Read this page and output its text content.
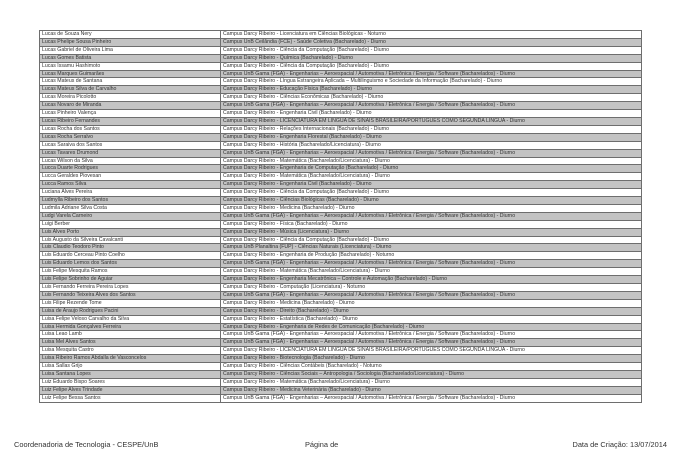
Lucas de Souza Nery	Campus Darcy Ribeiro - Licenciatura em Ciências Biológicas - Noturno
Lucas Phelipe Sousa Pinheiro	Campus UnB Ceilândia (FCE) - Saúde Coletiva (Bacharelado) - Diurno
Lucas Gabriel de Oliveira Lima	Campus Darcy Ribeiro - Ciência da Computação (Bacharelado) - Diurno
Lucas Gomes Batista	Campus Darcy Ribeiro - Química (Bacharelado) - Diurno
Lucas Issamu Hashimoto	Campus Darcy Ribeiro - Ciência da Computação (Bacharelado) - Diurno
Lucas Marques Guimarães	Campus UnB Gama (FGA) - Engenharias – Aeroespacial / Automotiva / Eletrônica / Energia / Software (Bacharelados) - Diurno
Lucas Mateus de Santana	Campus Darcy Ribeiro - Língua Estrangeira Aplicada – Multilinguismo e Sociedade da Informação (Bacharelado) - Diurno
Lucas Mateus Silva de Carvalho	Campus Darcy Ribeiro - Educação Física (Bacharelado) - Diurno
Lucas Moreira Picolotto	Campus Darcy Ribeiro - Ciências Econômicas (Bacharelado) - Diurno
Lucas Novaro de Miranda	Campus UnB Gama (FGA) - Engenharias – Aeroespacial / Automotiva / Eletrônica / Energia / Software (Bacharelados) - Diurno
Lucas Pinheiro Valença	Campus Darcy Ribeiro - Engenharia Civil (Bacharelado) - Diurno
Lucas Ribeiro Fernandes	Campus Darcy Ribeiro - LICENCIATURA EM LÍNGUA DE SINAIS BRASILEIRA/PORTUGUÊS COMO SEGUNDA LÍNGUA - Diurno
Lucas Rocha dos Santos	Campus Darcy Ribeiro - Relações Internacionais (Bacharelado) - Diurno
Lucas Rocha Serralvo	Campus Darcy Ribeiro - Engenharia Florestal (Bacharelado) - Diurno
Lucas Saraiva dos Santos	Campus Darcy Ribeiro - História (Bacharelado/Licenciatura) - Diurno
Lucas Tavares Drumond	Campus UnB Gama (FGA) - Engenharias – Aeroespacial / Automotiva / Eletrônica / Energia / Software (Bacharelados) - Diurno
Lucas Wilson da Silva	Campus Darcy Ribeiro - Matemática (Bacharelado/Licenciatura) - Diurno
Lucca Duarte Rodrigues	Campus Darcy Ribeiro - Engenharia de Computação (Bacharelado) - Diurno
Lucca Geraldes Piovesan	Campus Darcy Ribeiro - Matemática (Bacharelado/Licenciatura) - Diurno
Lucca Ramos Silva	Campus Darcy Ribeiro - Engenharia Civil (Bacharelado) - Diurno
Luciana Alves Pereira	Campus Darcy Ribeiro - Ciência da Computação (Bacharelado) - Diurno
Ludmylla Ribeiro dos Santos	Campus Darcy Ribeiro - Ciências Biológicas (Bacharelado) - Diurno
Ludmila Adriane Silva Costa	Campus Darcy Ribeiro - Medicina (Bacharelado) - Diurno
Ludgi Varela Carneiro	Campus UnB Gama (FGA) - Engenharias – Aeroespacial / Automotiva / Eletrônica / Energia / Software (Bacharelados) - Diurno
Luigi Berber	Campus Darcy Ribeiro - Física (Bacharelado) - Diurno
Luis Alves Porto	Campus Darcy Ribeiro - Música (Licenciatura) - Diurno
Luis Augusto da Silveira Cavalcanti	Campus Darcy Ribeiro - Ciência da Computação (Bacharelado) - Diurno
Luis Claudio Teodoro Pinto	Campus UnB Planaltina (FUP) - Ciências Naturais (Licenciatura) - Diurno
Luis Eduardo Cerceau Pinto Coelho	Campus Darcy Ribeiro - Engenharia de Produção (Bacharelado) - Noturno
Luis Eduardo Lemos dos Santos	Campus UnB Gama (FGA) - Engenharias – Aeroespacial / Automotiva / Eletrônica / Energia / Software (Bacharelados) - Diurno
Luis Felipe Mesquita Ramos	Campus Darcy Ribeiro - Matemática (Bacharelado/Licenciatura) - Diurno
Luis Felipe Sobrinho de Aguiar	Campus Darcy Ribeiro - Engenharia Mecatrônica – Controle e Automação (Bacharelado) - Diurno
Luis Fernando Ferreira Pereira Lopes	Campus Darcy Ribeiro - Computação (Licenciatura) - Noturno
Luis Fernando Teixeira Alves dos Santos	Campus UnB Gama (FGA) - Engenharias – Aeroespacial / Automotiva / Eletrônica / Energia / Software (Bacharelados) - Diurno
Luis Filipe Rezende Tome	Campus Darcy Ribeiro - Medicina (Bacharelado) - Diurno
Luisa de Araujo Rodrigues Pacini	Campus Darcy Ribeiro - Direito (Bacharelado) - Diurno
Luisa Felipe Veloso Carvalho da Silva	Campus Darcy Ribeiro - Estatística (Bacharelado) - Diurno
Luisa Hermida Gonçalves Ferreira	Campus Darcy Ribeiro - Engenharia de Redes de Comunicação (Bacharelado) - Diurno
Luisa Leao Lamb	Campus UnB Gama (FGA) - Engenharias – Aeroespacial / Automotiva / Eletrônica / Energia / Software (Bacharelados) - Diurno
Luisa Mel Alves Santos	Campus UnB Gama (FGA) - Engenharias – Aeroespacial / Automotiva / Eletrônica / Energia / Software (Bacharelados) - Diurno
Luisa Mesquita Castro	Campus Darcy Ribeiro - LICENCIATURA EM LÍNGUA DE SINAIS BRASILEIRA/PORTUGUÊS COMO SEGUNDA LÍNGUA - Diurno
Luisa Ribeiro Ramos Abdalla de Vasconcelos	Campus Darcy Ribeiro - Biotecnologia (Bacharelado) - Diurno
Luisa Sallas Grijo	Campus Darcy Ribeiro - Ciências Contábeis (Bacharelado) - Noturno
Luisa Santana Lopes	Campus Darcy Ribeiro - Ciências Sociais – Antropologia / Sociologia (Bacharelado/Licenciatura) - Diurno
Luiz Eduardo Bispo Soares	Campus Darcy Ribeiro - Matemática (Bacharelado/Licenciatura) - Diurno
Luiz Felipe Alves Trindade	Campus Darcy Ribeiro - Medicina Veterinária (Bacharelado) - Diurno
Luiz Felipe Bessa Santos	Campus UnB Gama (FGA) - Engenharias – Aeroespacial / Automotiva / Eletrônica / Energia / Software (Bacharelados) - Diurno
Coordenadoria de Tecnologia - CESPE/UnB	Página de	Data de Criação: 13/07/2014
